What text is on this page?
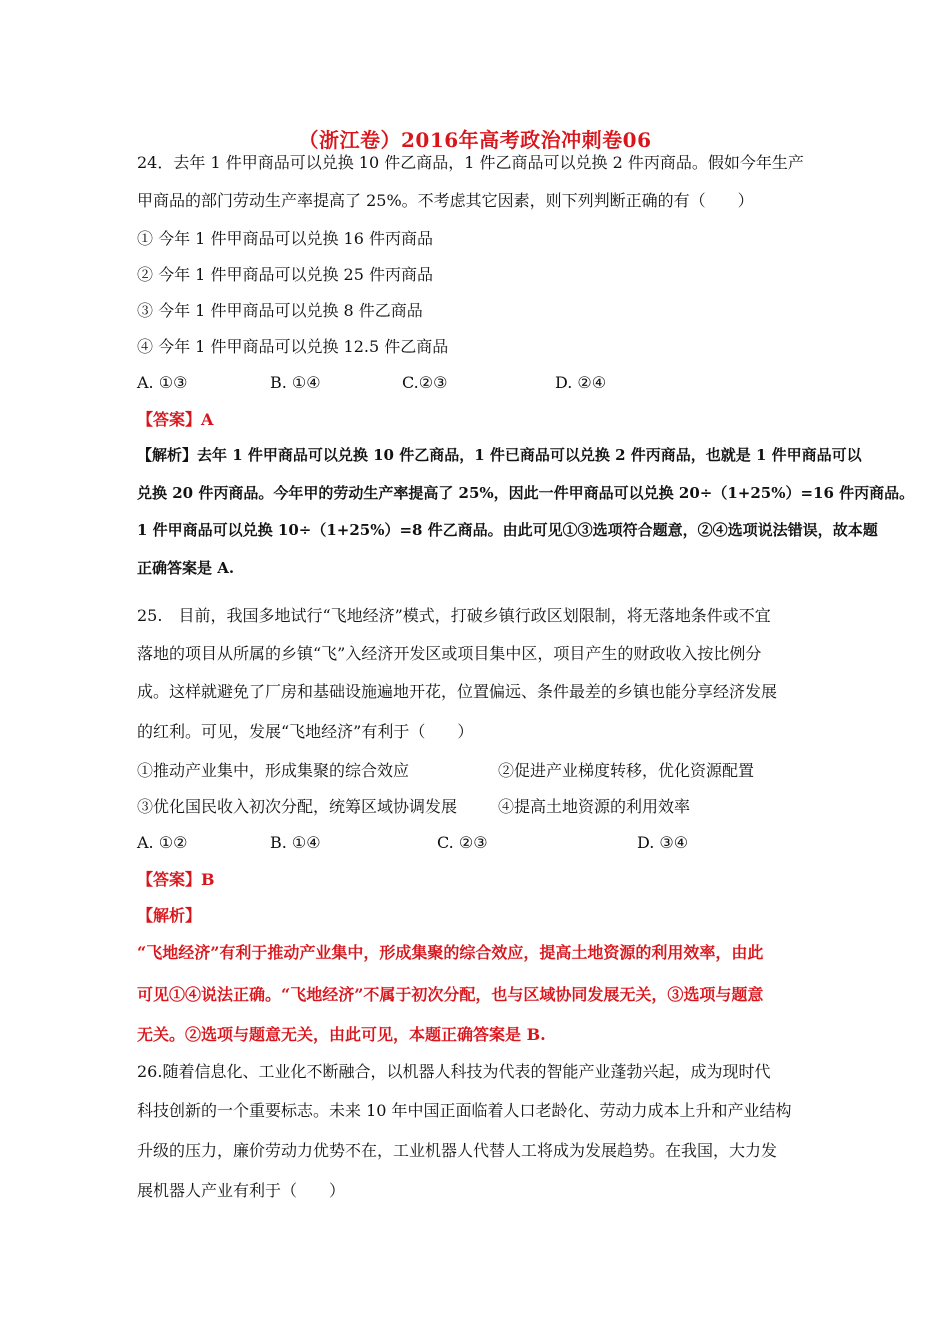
（浙江卷）2016年高考政治冲刺卷06
24．去年 1 件甲商品可以兑换 10 件乙商品，1 件乙商品可以兑换 2 件丙商品。假如今年生产
甲商品的部门劳动生产率提高了 25%。不考虑其它因素，则下列判断正确的有（　　）
① 今年 1 件甲商品可以兑换 16 件丙商品
② 今年 1 件甲商品可以兑换 25 件丙商品
③ 今年 1 件甲商品可以兑换 8 件乙商品
④ 今年 1 件甲商品可以兑换 12.5 件乙商品
A. ①③	B. ①④	C.②③	D. ②④
【答案】A
【解析】去年 1 件甲商品可以兑换 10 件乙商品，1 件已商品可以兑换 2 件丙商品，也就是 1 件甲商品可以
兑换 20 件丙商品。今年甲的劳动生产率提高了 25%，因此一件甲商品可以兑换 20÷（1+25%）=16 件丙商品。
1 件甲商品可以兑换 10÷（1+25%）=8 件乙商品。由此可见①③选项符合题意，②④选项说法错误，故本题
正确答案是 A.
25.　目前，我国多地试行“飞地经济”模式，打破乡镇行政区划限制，将无落地条件或不宜
落地的项目从所属的乡镇“飞”入经济开发区或项目集中区，项目产生的财政收入按比例分
成。这样就避免了厂房和基础设施遍地开花，位置偏远、条件最差的乡镇也能分享经济发展
的红利。可见，发展“飞地经济”有利于（　　）
①推动产业集中，形成集聚的综合效应	②促进产业梯度转移，优化资源配置
③优化国民收入初次分配，统筹区域协调发展	④提高土地资源的利用效率
A. ①②	B. ①④	C. ②③	D. ③④
【答案】B
【解析】
“飞地经济”有利于推动产业集中，形成集聚的综合效应，提高土地资源的利用效率，由此
可见①④说法正确。“飞地经济”不属于初次分配，也与区域协同发展无关，③选项与题意
无关。②选项与题意无关，由此可见，本题正确答案是 B.
26.随着信息化、工业化不断融合，以机器人科技为代表的智能产业蓬勃兴起，成为现时代
科技创新的一个重要标志。未来 10 年中国正面临着人口老龄化、劳动力成本上升和产业结构
升级的压力，廉价劳动力优势不在，工业机器人代替人工将成为发展趋势。在我国，大力发
展机器人产业有利于（　　）
